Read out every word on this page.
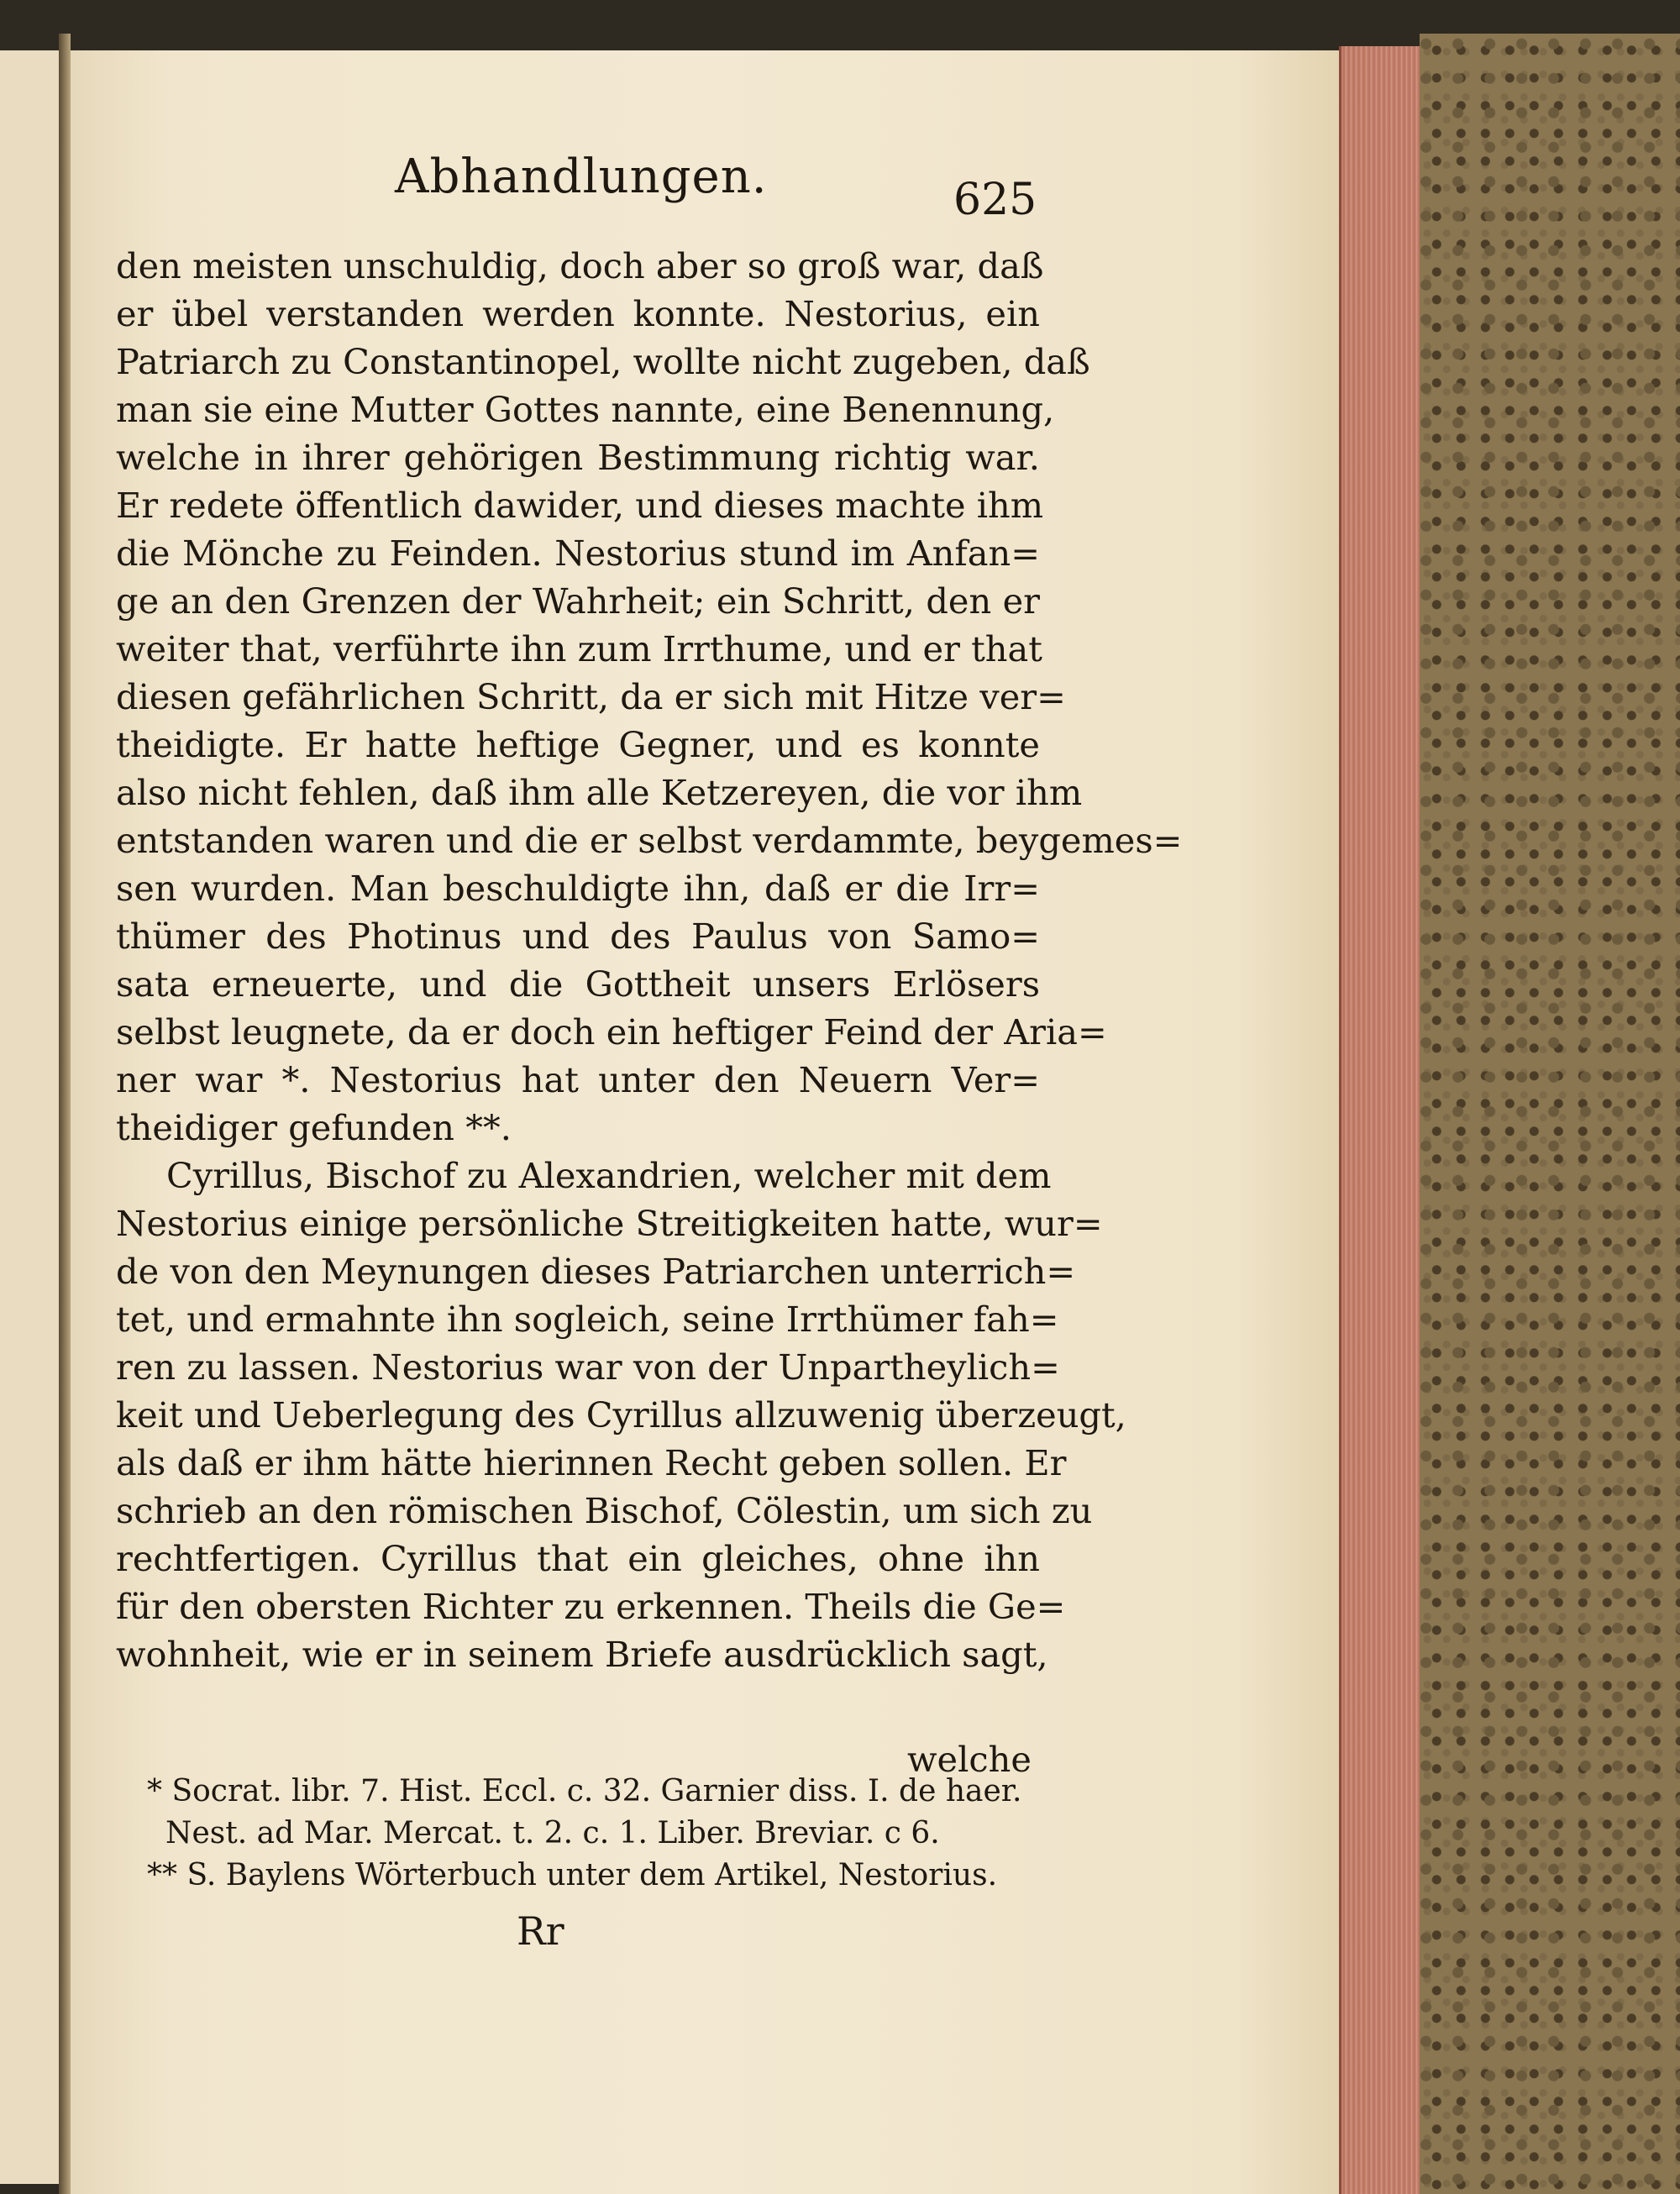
Abhandlungen.	625
den meisten unschuldig, doch aber so groß war, daß
er übel verstanden werden konnte. Nestorius, ein
Patriarch zu Constantinopel, wollte nicht zugeben, daß
man sie eine Mutter Gottes nannte, eine Benennung,
welche in ihrer gehörigen Bestimmung richtig war.
Er redete öffentlich dawider, und dieses machte ihm
die Mönche zu Feinden. Nestorius stund im Anfan=
ge an den Grenzen der Wahrheit; ein Schritt, den er
weiter that, verführte ihn zum Irrthume, und er that
diesen gefährlichen Schritt, da er sich mit Hitze ver=
theidigte. Er hatte heftige Gegner, und es konnte
also nicht fehlen, daß ihm alle Ketzereyen, die vor ihm
entstanden waren und die er selbst verdammte, beygemes=
sen wurden. Man beschuldigte ihn, daß er die Irr=
thümer des Photinus und des Paulus von Samo=
sata erneuerte, und die Gottheit unsers Erlösers
selbst leugnete, da er doch ein heftiger Feind der Aria=
ner war *. Nestorius hat unter den Neuern Ver=
theidiger gefunden **.
Cyrillus, Bischof zu Alexandrien, welcher mit dem
Nestorius einige persönliche Streitigkeiten hatte, wur=
de von den Meynungen dieses Patriarchen unterrich=
tet, und ermahnte ihn sogleich, seine Irrthümer fah=
ren zu lassen. Nestorius war von der Unpartheylich=
keit und Ueberlegung des Cyrillus allzuwenig überzeugt,
als daß er ihm hätte hierinnen Recht geben sollen. Er
schrieb an den römischen Bischof, Cölestin, um sich zu
rechtfertigen. Cyrillus that ein gleiches, ohne ihn
für den obersten Richter zu erkennen. Theils die Ge=
wohnheit, wie er in seinem Briefe ausdrücklich sagt,
welche
* Socrat. libr. 7. Hist. Eccl. c. 32. Garnier diss. I. de haer.
Nest. ad Mar. Mercat. t. 2. c. 1. Liber. Breviar. c 6.
** S. Baylens Wörterbuch unter dem Artikel, Nestorius.
Rr
